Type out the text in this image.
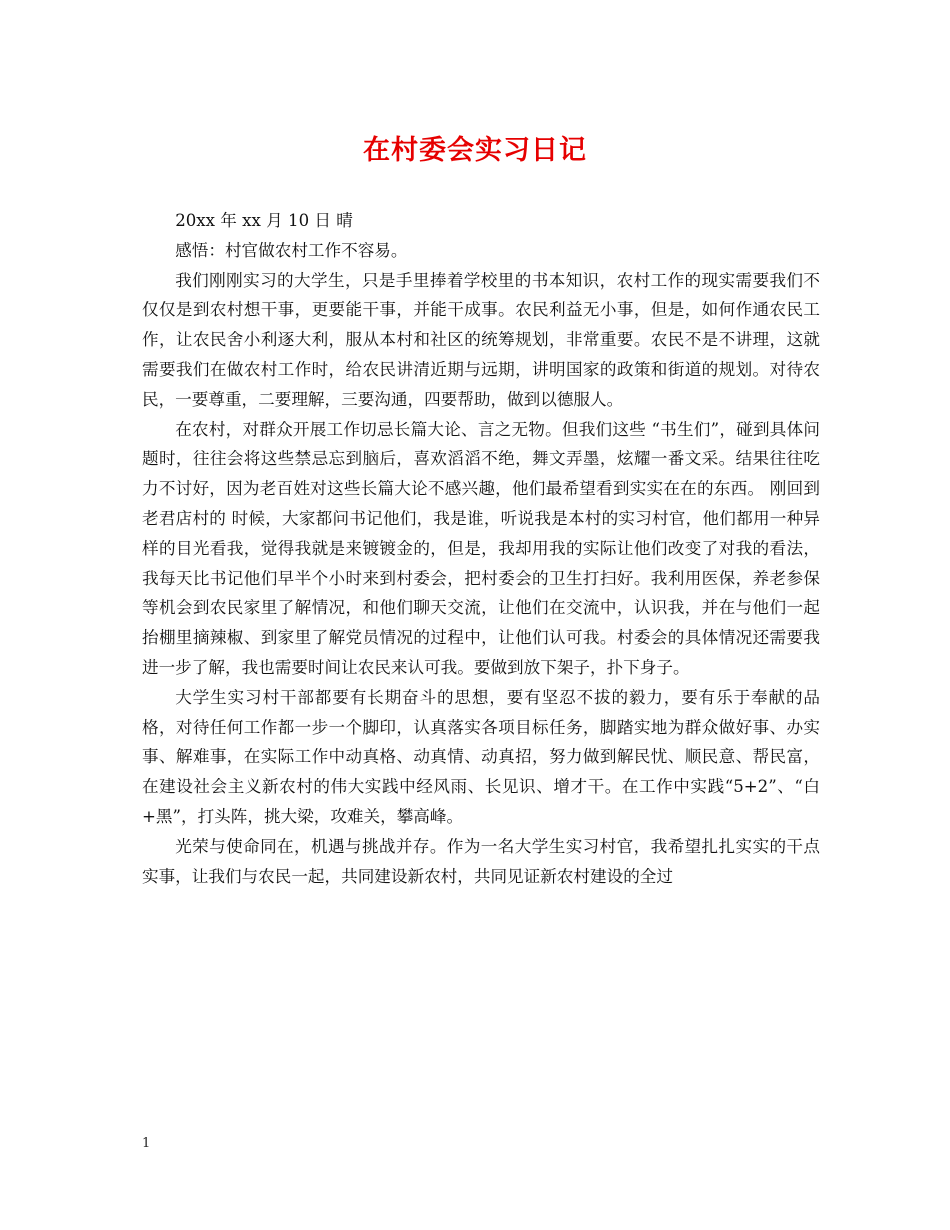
在村委会实习日记

20xx 年 xx 月 10 日 晴

感悟：村官做农村工作不容易。

我们刚刚实习的大学生，只是手里捧着学校里的书本知识，农村工作的现实需要我们不仅仅是到农村想干事，更要能干事，并能干成事。农民利益无小事，但是，如何作通农民工作，让农民舍小利逐大利，服从本村和社区的统筹规划，非常重要。农民不是不讲理，这就需要我们在做农村工作时，给农民讲清近期与远期，讲明国家的政策和街道的规划。对待农民，一要尊重，二要理解，三要沟通，四要帮助，做到以德服人。

在农村，对群众开展工作切忌长篇大论、言之无物。但我们这些 “书生们”，碰到具体问题时，往往会将这些禁忌忘到脑后，喜欢滔滔不绝，舞文弄墨，炫耀一番文采。结果往往吃力不讨好，因为老百姓对这些长篇大论不感兴趣，他们最希望看到实实在在的东西。 刚回到老君店村的 时候，大家都问书记他们，我是谁，听说我是本村的实习村官，他们都用一种异样的目光看我，觉得我就是来镀镀金的，但是，我却用我的实际让他们改变了对我的看法，我每天比书记他们早半个小时来到村委会，把村委会的卫生打扫好。我利用医保，养老参保等机会到农民家里了解情况，和他们聊天交流，让他们在交流中，认识我，并在与他们一起抬棚里摘辣椒、到家里了解党员情况的过程中，让他们认可我。村委会的具体情况还需要我进一步了解，我也需要时间让农民来认可我。要做到放下架子，扑下身子。

大学生实习村干部都要有长期奋斗的思想，要有坚忍不拔的毅力，要有乐于奉献的品格，对待任何工作都一步一个脚印，认真落实各项目标任务，脚踏实地为群众做好事、办实事、解难事，在实际工作中动真格、动真情、动真招，努力做到解民忧、顺民意、帮民富，在建设社会主义新农村的伟大实践中经风雨、长见识、增才干。在工作中实践“5+2”、“白+黑”，打头阵，挑大梁，攻难关，攀高峰。

光荣与使命同在，机遇与挑战并存。作为一名大学生实习村官，我希望扎扎实实的干点实事，让我们与农民一起，共同建设新农村，共同见证新农村建设的全过

1
